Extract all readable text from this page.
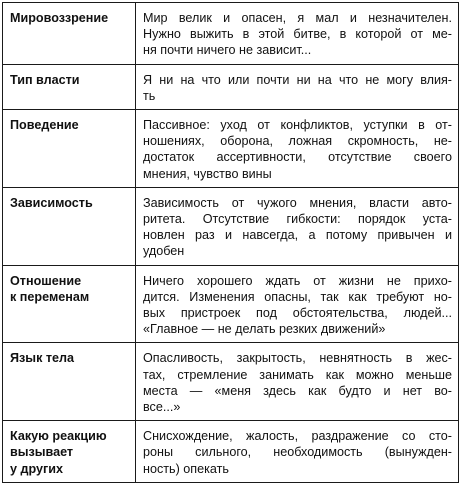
Мировоззрение	Мир велик и опасен, я мал и незначителен.
Нужно выжить в этой битве, в которой от ме-
ня почти ничего не зависит...

Тип власти	Я ни на что или почти ни на что не могу влия-
ть

Поведение	Пассивное: уход от конфликтов, уступки в от-
ношениях, оборона, ложная скромность, не-
достаток ассертивности, отсутствие своего
мнения, чувство вины

Зависимость	Зависимость от чужого мнения, власти авто-
ритета. Отсутствие гибкости: порядок уста-
новлен раз и навсегда, а потому привычен и
удобен

Отношение
к переменам	Ничего хорошего ждать от жизни не прихо-
дится. Изменения опасны, так как требуют но-
вых пристроек под обстоятельства, людей...
«Главное — не делать резких движений»

Язык тела	Опасливость, закрытость, невнятность в жес-
тах, стремление занимать как можно меньше
места — «меня здесь как будто и нет во-
все...»

Какую реакцию
вызывает
у других	Снисхождение, жалость, раздражение со сто-
роны сильного, необходимость (вынужден-
ность) опекать
